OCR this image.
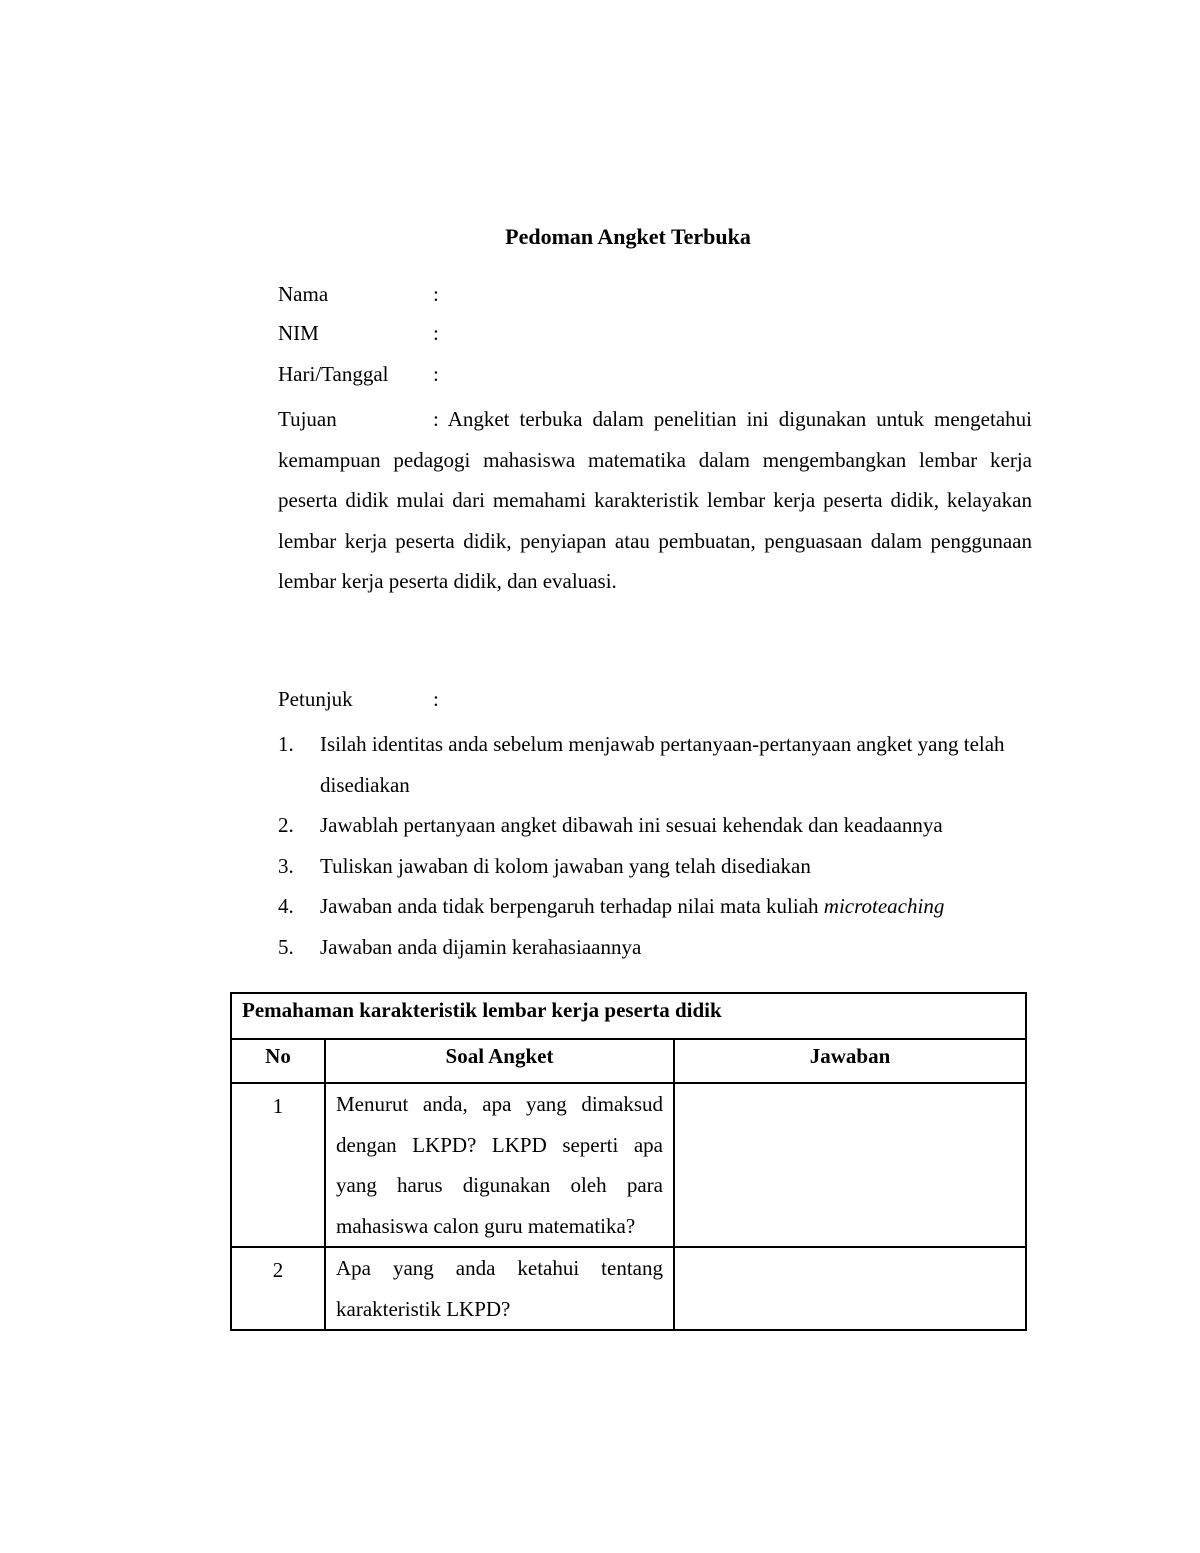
Pedoman Angket Terbuka
Nama	:
NIM	:
Hari/Tanggal :
Tujuan	: Angket terbuka dalam penelitian ini digunakan untuk mengetahui kemampuan pedagogi mahasiswa matematika dalam mengembangkan lembar kerja peserta didik mulai dari memahami karakteristik lembar kerja peserta didik, kelayakan lembar kerja peserta didik, penyiapan atau pembuatan, penguasaan dalam penggunaan lembar kerja peserta didik, dan evaluasi.
Petunjuk	:
1. Isilah identitas anda sebelum menjawab pertanyaan-pertanyaan angket yang telah disediakan
2. Jawablah pertanyaan angket dibawah ini sesuai kehendak dan keadaannya
3. Tuliskan jawaban di kolom jawaban yang telah disediakan
4. Jawaban anda tidak berpengaruh terhadap nilai mata kuliah microteaching
5. Jawaban anda dijamin kerahasiaannya
Pemahaman karakteristik lembar kerja peserta didik		
No	Soal Angket	Jawaban
1	Menurut anda, apa yang dimaksud dengan LKPD? LKPD seperti apa yang harus digunakan oleh para mahasiswa calon guru matematika?	
2	Apa yang anda ketahui tentang karakteristik LKPD?	
